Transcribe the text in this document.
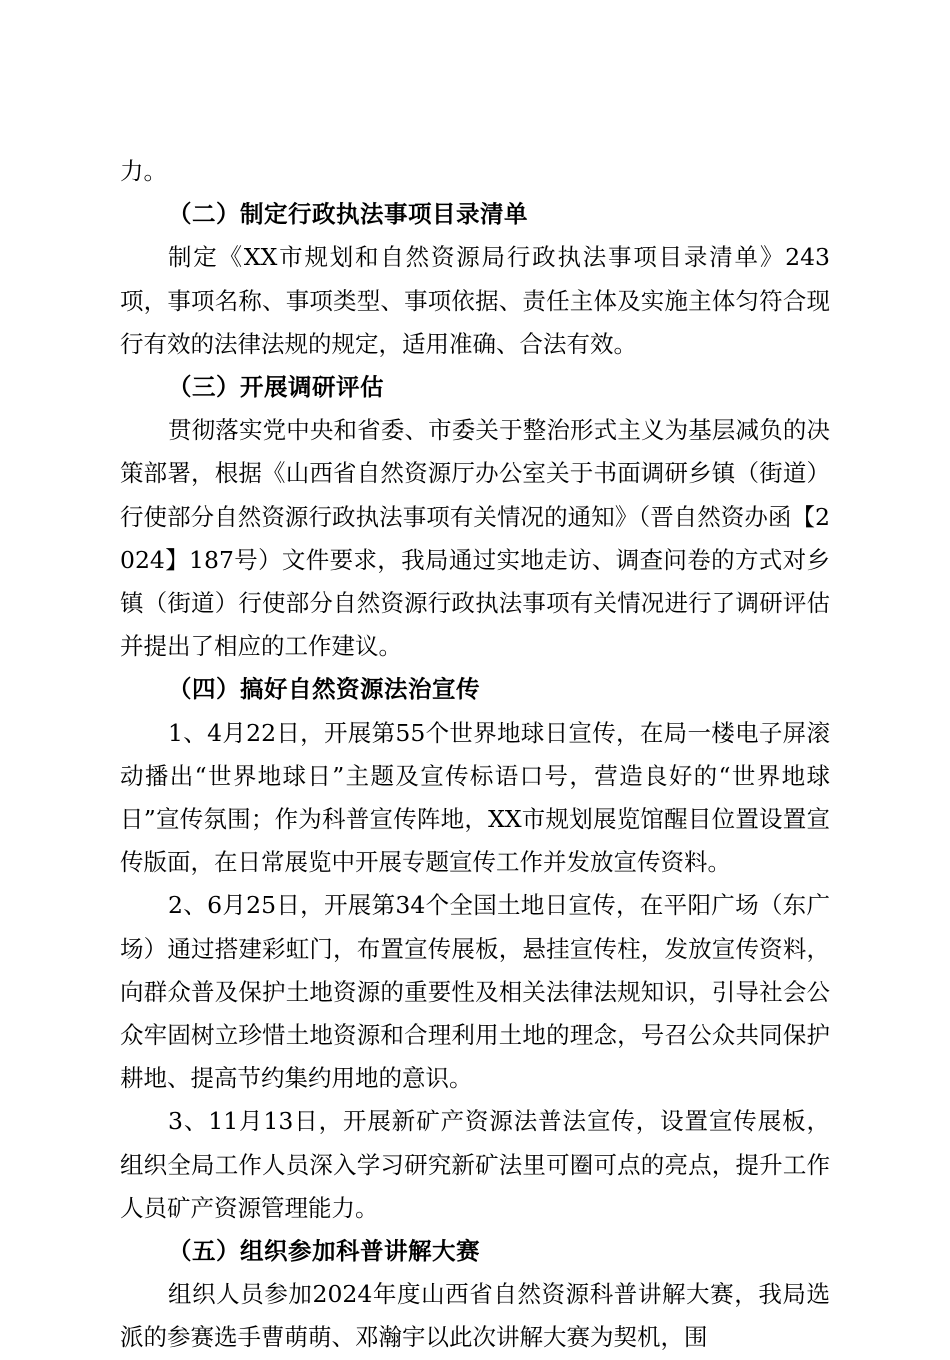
力。

（二）制定行政执法事项目录清单

制定《XX市规划和自然资源局行政执法事项目录清单》243项，事项名称、事项类型、事项依据、责任主体及实施主体匀符合现行有效的法律法规的规定，适用准确、合法有效。

（三）开展调研评估

贯彻落实党中央和省委、市委关于整治形式主义为基层减负的决策部署，根据《山西省自然资源厅办公室关于书面调研乡镇（街道）行使部分自然资源行政执法事项有关情况的通知》（晋自然资办函【2024】187号）文件要求，我局通过实地走访、调查问卷的方式对乡镇（街道）行使部分自然资源行政执法事项有关情况进行了调研评估并提出了相应的工作建议。

（四）搞好自然资源法治宣传

1、4月22日，开展第55个世界地球日宣传，在局一楼电子屏滚动播出“世界地球日”主题及宣传标语口号，营造良好的“世界地球日”宣传氛围；作为科普宣传阵地，XX市规划展览馆醒目位置设置宣传版面，在日常展览中开展专题宣传工作并发放宣传资料。

2、6月25日，开展第34个全国土地日宣传，在平阳广场（东广场）通过搭建彩虹门，布置宣传展板，悬挂宣传柱，发放宣传资料，向群众普及保护土地资源的重要性及相关法律法规知识，引导社会公众牢固树立珍惜土地资源和合理利用土地的理念，号召公众共同保护耕地、提高节约集约用地的意识。

3、11月13日，开展新矿产资源法普法宣传，设置宣传展板，组织全局工作人员深入学习研究新矿法里可圈可点的亮点，提升工作人员矿产资源管理能力。

（五）组织参加科普讲解大赛

组织人员参加2024年度山西省自然资源科普讲解大赛，我局选派的参赛选手曹萌萌、邓瀚宇以此次讲解大赛为契机，围
